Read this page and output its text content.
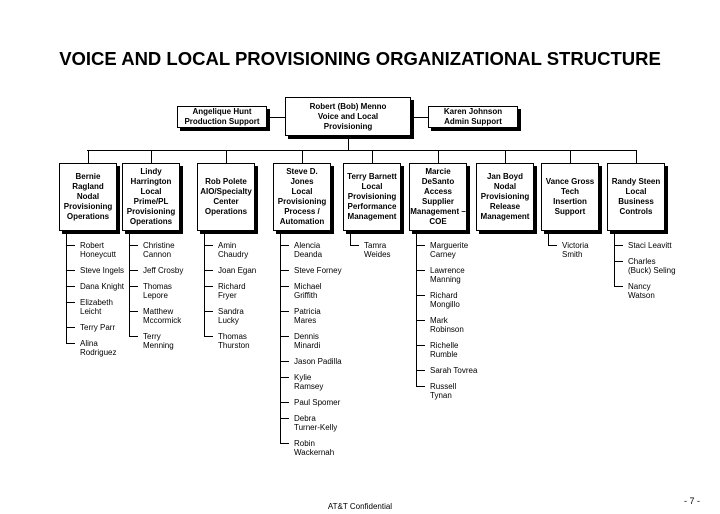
VOICE AND LOCAL PROVISIONING ORGANIZATIONAL STRUCTURE
Robert (Bob) Menno
Voice and Local
Provisioning
Angelique Hunt
Production Support
Karen Johnson
Admin Support
Bernie
Ragland
Nodal
Provisioning
Operations
Robert
Honeycutt
Steve Ingels
Dana Knight
Elizabeth
Leicht
Terry Parr
Alina
Rodriguez
Lindy
Harrington
Local Prime/PL
Provisioning
Operations
Christine
Cannon
Jeff Crosby
Thomas
Lepore
Matthew
Mccormick
Terry
Menning
Rob Polete
AIO/Specialty
Center
Operations
Amin
Chaudry
Joan Egan
Richard
Fryer
Sandra
Lucky
Thomas
Thurston
Steve D. Jones
Local
Provisioning
Process /
Automation
Alencia
Deanda
Steve Forney
Michael
Griffith
Patricia
Mares
Dennis
Minardi
Jason Padilla
Kylie
Ramsey
Paul Spomer
Debra
Turner-Kelly
Robin
Wackernah
Terry Barnett
Local
Provisioning
Performance
Management
Tamra
Weides
Marcie
DeSanto
Access
Supplier
Management –
COE
Marguerite
Carney
Lawrence
Manning
Richard
Mongillo
Mark
Robinson
Richelle
Rumble
Sarah Tovrea
Russell
Tynan
Jan Boyd
Nodal
Provisioning
Release
Management
Vance Gross
Tech
Insertion
Support
Victoria
Smith
Randy Steen
Local
Business
Controls
Staci Leavitt
Charles
(Buck) Seling
Nancy
Watson
AT&T Confidential
- 7 -
